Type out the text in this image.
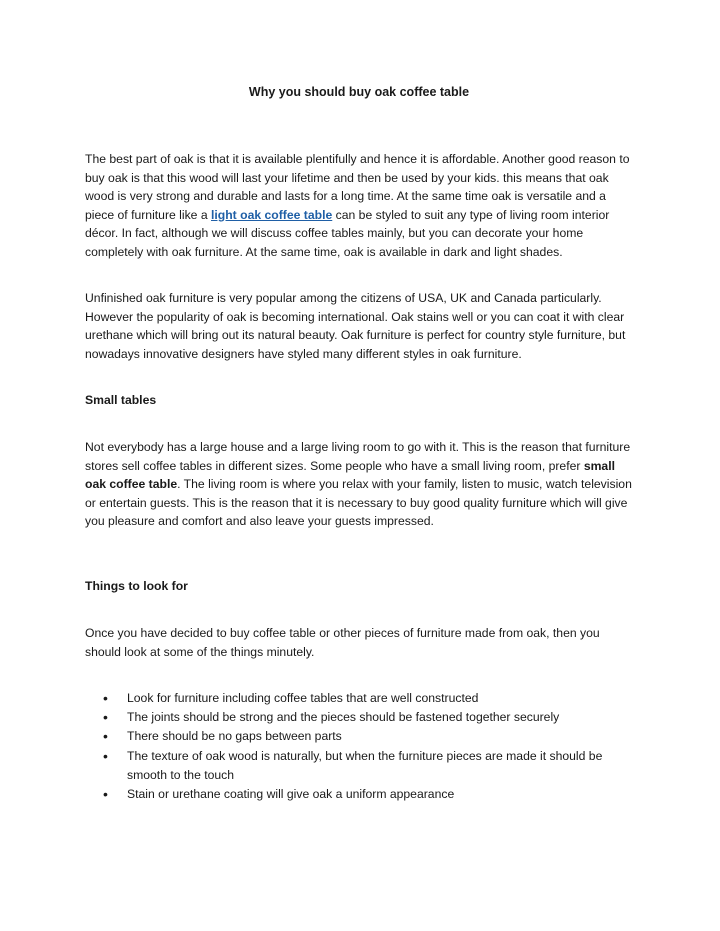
Why you should buy oak coffee table

The best part of oak is that it is available plentifully and hence it is affordable. Another good reason to buy oak is that this wood will last your lifetime and then be used by your kids. this means that oak wood is very strong and durable and lasts for a long time. At the same time oak is versatile and a piece of furniture like a light oak coffee table can be styled to suit any type of living room interior décor. In fact, although we will discuss coffee tables mainly, but you can decorate your home completely with oak furniture. At the same time, oak is available in dark and light shades.

Unfinished oak furniture is very popular among the citizens of USA, UK and Canada particularly. However the popularity of oak is becoming international. Oak stains well or you can coat it with clear urethane which will bring out its natural beauty. Oak furniture is perfect for country style furniture, but nowadays innovative designers have styled many different styles in oak furniture.

Small tables

Not everybody has a large house and a large living room to go with it. This is the reason that furniture stores sell coffee tables in different sizes. Some people who have a small living room, prefer small oak coffee table. The living room is where you relax with your family, listen to music, watch television or entertain guests. This is the reason that it is necessary to buy good quality furniture which will give you pleasure and comfort and also leave your guests impressed.

Things to look for

Once you have decided to buy coffee table or other pieces of furniture made from oak, then you should look at some of the things minutely.

• Look for furniture including coffee tables that are well constructed
• The joints should be strong and the pieces should be fastened together securely
• There should be no gaps between parts
• The texture of oak wood is naturally, but when the furniture pieces are made it should be smooth to the touch
• Stain or urethane coating will give oak a uniform appearance
